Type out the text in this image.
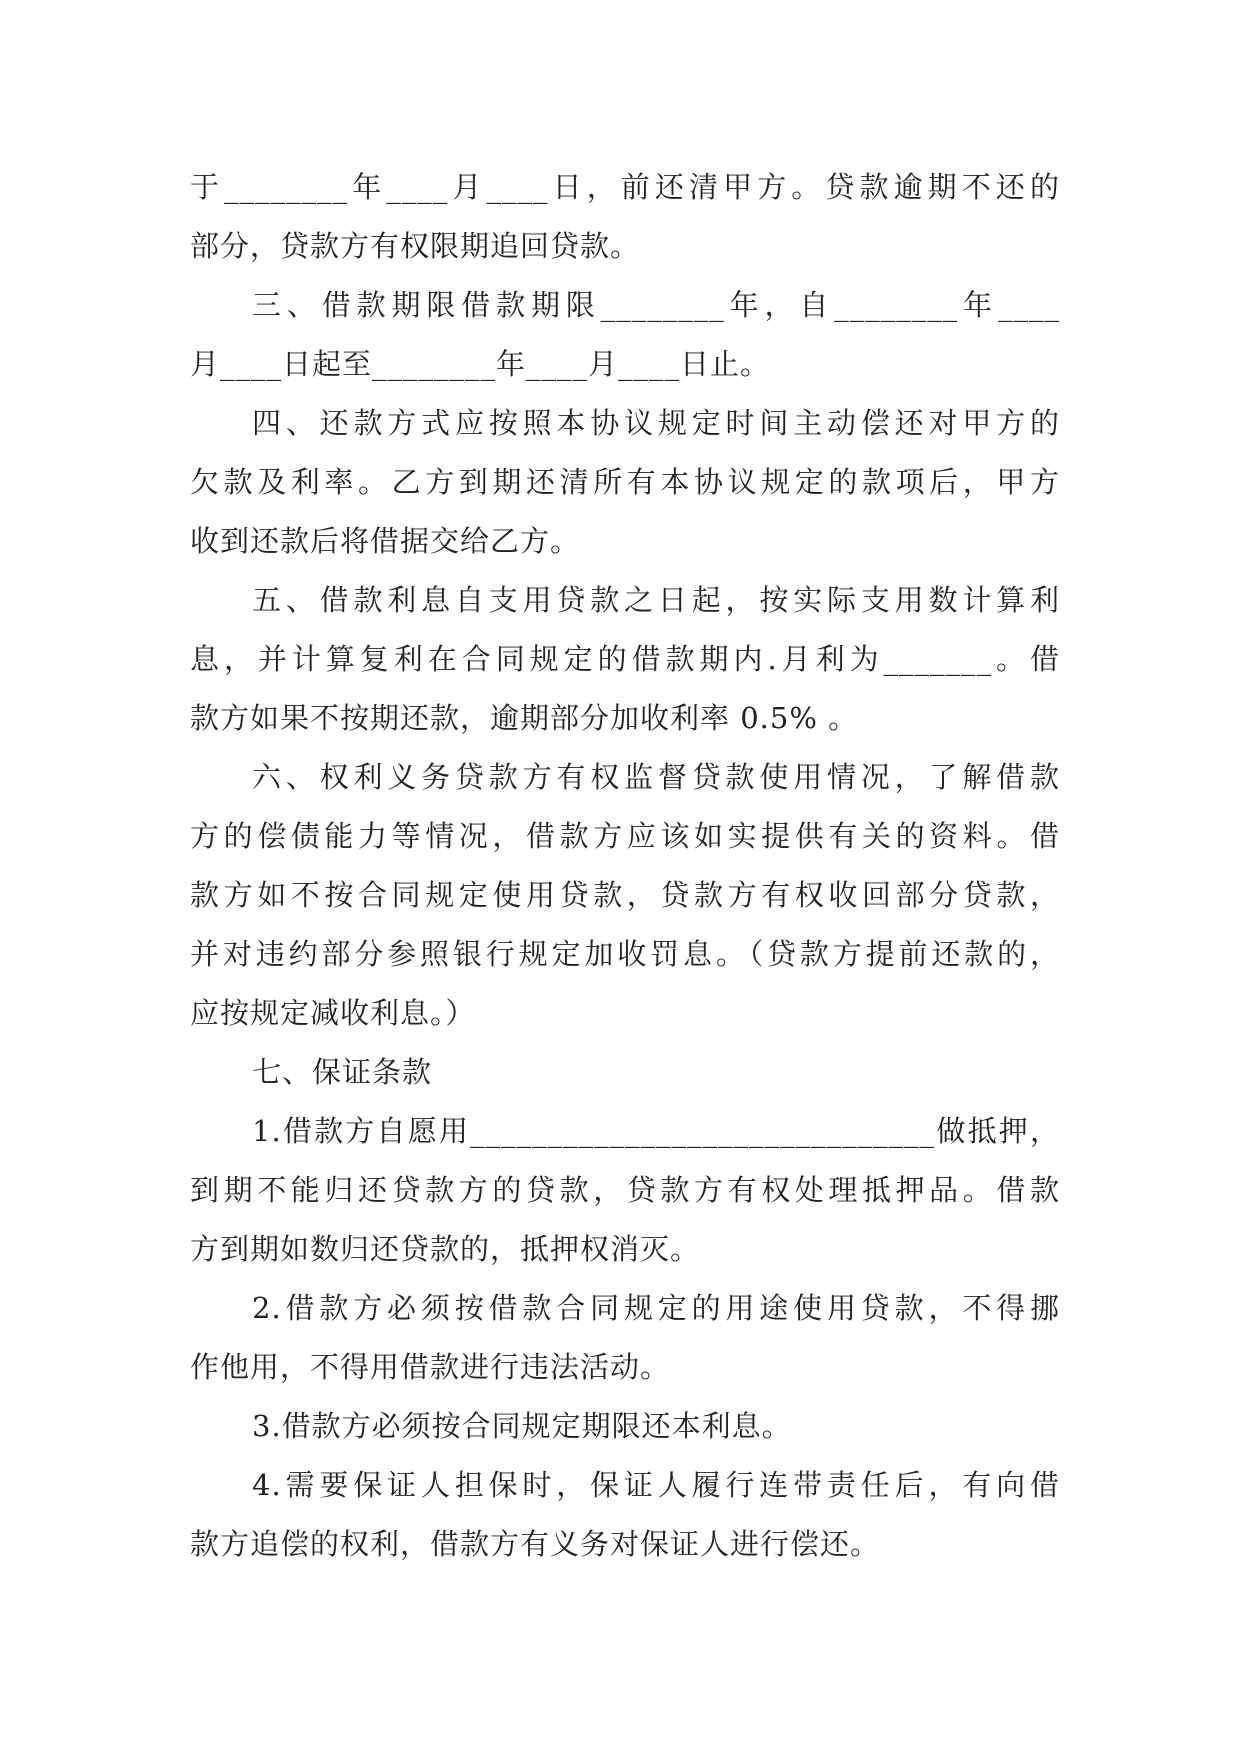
于________年____月____日，前还清甲方。贷款逾期不还的
部分，贷款方有权限期追回贷款。
三、借款期限借款期限________年，自________年____
月____日起至________年____月____日止。
四、还款方式应按照本协议规定时间主动偿还对甲方的
欠款及利率。乙方到期还清所有本协议规定的款项后，甲方
收到还款后将借据交给乙方。
五、借款利息自支用贷款之日起，按实际支用数计算利
息，并计算复利在合同规定的借款期内.月利为_______。借
款方如果不按期还款，逾期部分加收利率 0.5% 。
六、权利义务贷款方有权监督贷款使用情况，了解借款
方的偿债能力等情况，借款方应该如实提供有关的资料。借
款方如不按合同规定使用贷款，贷款方有权收回部分贷款，
并对违约部分参照银行规定加收罚息。（贷款方提前还款的，
应按规定减收利息。）
七、保证条款
1.借款方自愿用______________________________做抵押，
到期不能归还贷款方的贷款，贷款方有权处理抵押品。借款
方到期如数归还贷款的，抵押权消灭。
2.借款方必须按借款合同规定的用途使用贷款，不得挪
作他用，不得用借款进行违法活动。
3.借款方必须按合同规定期限还本利息。
4.需要保证人担保时，保证人履行连带责任后，有向借
款方追偿的权利，借款方有义务对保证人进行偿还。
